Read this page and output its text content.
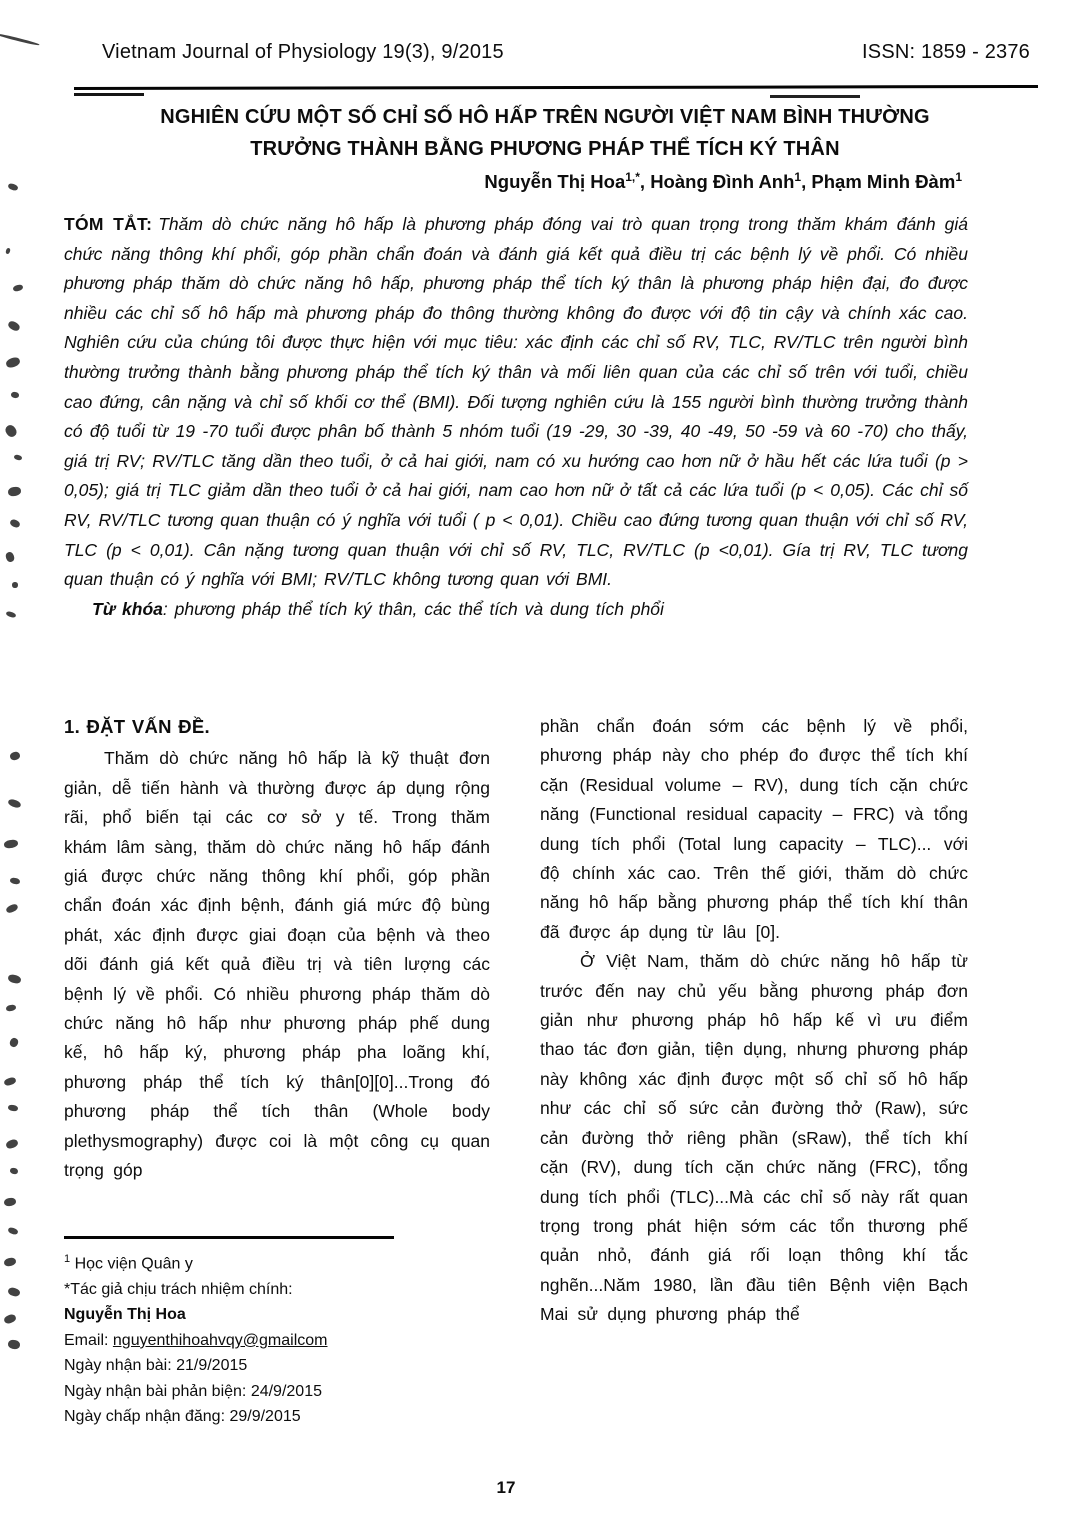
Vietnam Journal of Physiology 19(3), 9/2015	ISSN: 1859 - 2376
NGHIÊN CỨU MỘT SỐ CHỈ SỐ HÔ HẤP TRÊN NGƯỜI VIỆT NAM BÌNH THƯỜNG
TRƯỞNG THÀNH BẰNG PHƯƠNG PHÁP THỂ TÍCH KÝ THÂN
Nguyễn Thị Hoa$^{1,*}$, Hoàng Đình Anh$^1$, Phạm Minh Đàm$^1$

TÓM TẮT: Thăm dò chức năng hô hấp là phương pháp đóng vai trò quan trọng trong thăm khám đánh giá chức năng thông khí phổi, góp phần chẩn đoán và đánh giá kết quả điều trị các bệnh lý về phổi. Có nhiều phương pháp thăm dò chức năng hô hấp, phương pháp thể tích ký thân là phương pháp hiện đại, đo được nhiều các chỉ số hô hấp mà phương pháp đo thông thường không đo được với độ tin cậy và chính xác cao. Nghiên cứu của chúng tôi được thực hiện với mục tiêu: xác định các chỉ số RV, TLC, RV/TLC trên người bình thường trưởng thành bằng phương pháp thể tích ký thân và mối liên quan của các chỉ số trên với tuổi, chiều cao đứng, cân nặng và chỉ số khối cơ thể (BMI). Đối tượng nghiên cứu là 155 người bình thường trưởng thành có độ tuổi từ 19 -70 tuổi được phân bố thành 5 nhóm tuổi (19 -29, 30 -39, 40 -49, 50 -59 và 60 -70) cho thấy, giá trị RV; RV/TLC tăng dần theo tuổi, ở cả hai giới, nam có xu hướng cao hơn nữ ở hầu hết các lứa tuổi (p > 0,05); giá trị TLC giảm dần theo tuổi ở cả hai giới, nam cao hơn nữ ở tất cả các lứa tuổi (p < 0,05). Các chỉ số RV, RV/TLC tương quan thuận có ý nghĩa với tuổi ( p < 0,01). Chiều cao đứng tương quan thuận với chỉ số RV, TLC (p < 0,01). Cân nặng tương quan thuận với chỉ số RV, TLC, RV/TLC (p <0,01). Gía trị RV, TLC tương quan thuận có ý nghĩa với BMI; RV/TLC không tương quan với BMI.

Từ khóa: phương pháp thể tích ký thân, các thể tích và dung tích phổi

1. ĐẶT VẤN ĐỀ.

Thăm dò chức năng hô hấp là kỹ thuật đơn giản, dễ tiến hành và thường được áp dụng rộng rãi, phổ biến tại các cơ sở y tế. Trong thăm khám lâm sàng, thăm dò chức năng hô hấp đánh giá được chức năng thông khí phổi, góp phần chẩn đoán xác định bệnh, đánh giá mức độ bùng phát, xác định được giai đoạn của bệnh và theo dõi đánh giá kết quả điều trị và tiên lượng các bệnh lý về phổi. Có nhiều phương pháp thăm dò chức năng hô hấp như phương pháp phế dung kế, hô hấp ký, phương pháp pha loãng khí, phương pháp thể tích ký thân[0][0]...Trong đó phương pháp thể tích thân (Whole body plethysmography) được coi là một công cụ quan trọng góp

phần chẩn đoán sớm các bệnh lý về phổi, phương pháp này cho phép đo được thể tích khí cặn (Residual volume – RV), dung tích cặn chức năng (Functional residual capacity – FRC) và tổng dung tích phổi (Total lung capacity – TLC)... với độ chính xác cao. Trên thế giới, thăm dò chức năng hô hấp bằng phương pháp thể tích khí thân đã được áp dụng từ lâu [0].

Ở Việt Nam, thăm dò chức năng hô hấp từ trước đến nay chủ yếu bằng phương pháp đơn giản như phương pháp hô hấp kế vì ưu điểm thao tác đơn giản, tiện dụng, nhưng phương pháp này không xác định được một số chỉ số hô hấp như các chỉ số sức cản đường thở (Raw), sức cản đường thở riêng phần (sRaw), thể tích khí cặn (RV), dung tích cặn chức năng (FRC), tổng dung tích phổi (TLC)...Mà các chỉ số này rất quan trọng trong phát hiện sớm các tổn thương phế quản nhỏ, đánh giá rối loạn thông khí tắc nghẽn...Năm 1980, lần đầu tiên Bệnh viện Bạch Mai sử dụng phương pháp thể

$^1$ Học viện Quân y
*Tác giả chịu trách nhiệm chính:
Nguyễn Thị Hoa
Email: nguyenthihoahvqy@gmailcom
Ngày nhận bài: 21/9/2015
Ngày nhận bài phản biện: 24/9/2015
Ngày chấp nhận đăng: 29/9/2015
17
